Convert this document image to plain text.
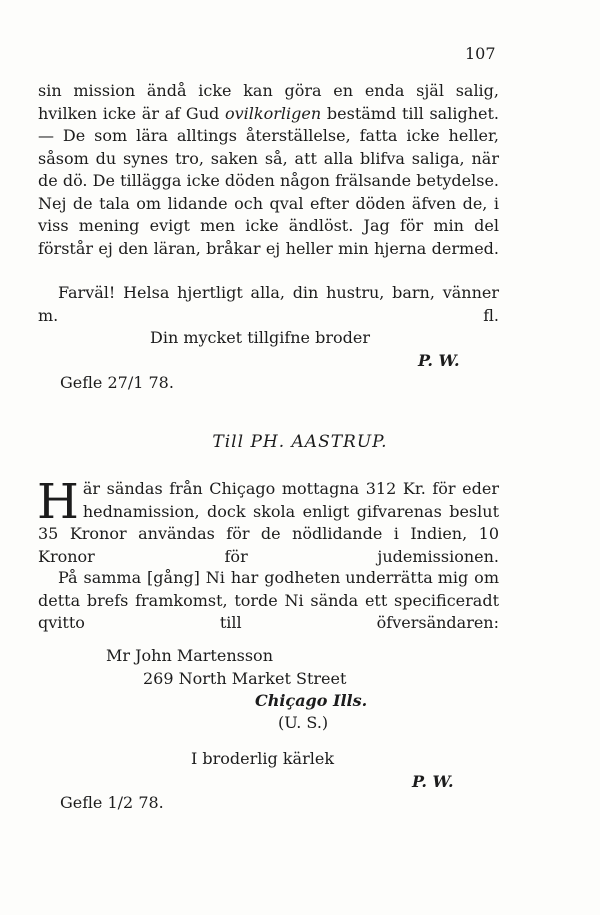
107

sin mission ändå icke kan göra en enda själ salig, hvilken icke är af Gud ovilkorligen bestämd till salighet. — De som lära alltings återställelse, fatta icke heller, såsom du synes tro, saken så, att alla blifva saliga, när de dö. De tillägga icke döden någon frälsande betydelse. Nej de tala om lidande och qval efter döden äfven de, i viss mening evigt men icke ändlöst. Jag för min del förstår ej den läran, bråkar ej heller min hjerna dermed.

Farväl! Helsa hjertligt alla, din hustru, barn, vänner m. fl.

Din mycket tillgifne broder
P. W.
Gefle 27/1 78.
Till PH. AASTRUP.

H är sändas från Chiçago mottagna 312 Kr. för eder hednamission, dock skola enligt gifvarenas beslut 35 Kronor användas för de nödlidande i Indien, 10 Kronor för judemissionen.

På samma [gång] Ni har godheten underrätta mig om detta brefs framkomst, torde Ni sända ett specificeradt qvitto till öfversändaren:

Mr John Martensson
269 North Market Street
Chiçago Ills.
(U. S.)
I broderlig kärlek
P. W.
Gefle 1/2 78.
